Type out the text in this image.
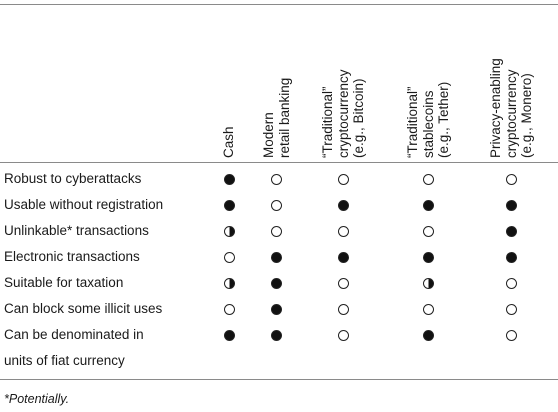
Cash Modern retail banking “Traditional” cryptocurrency (e.g., Bitcoin)	“Traditional” stablecoins (e.g., Tether)	Privacy-enabling cryptocurrency (e.g., Monero)
Robust to cyberattacks
Usable without registration
Unlinkable* transactions
Electronic transactions
Suitable for taxation
Can block some illicit uses
Can be denominated in
units of fiat currency
*Potentially.
